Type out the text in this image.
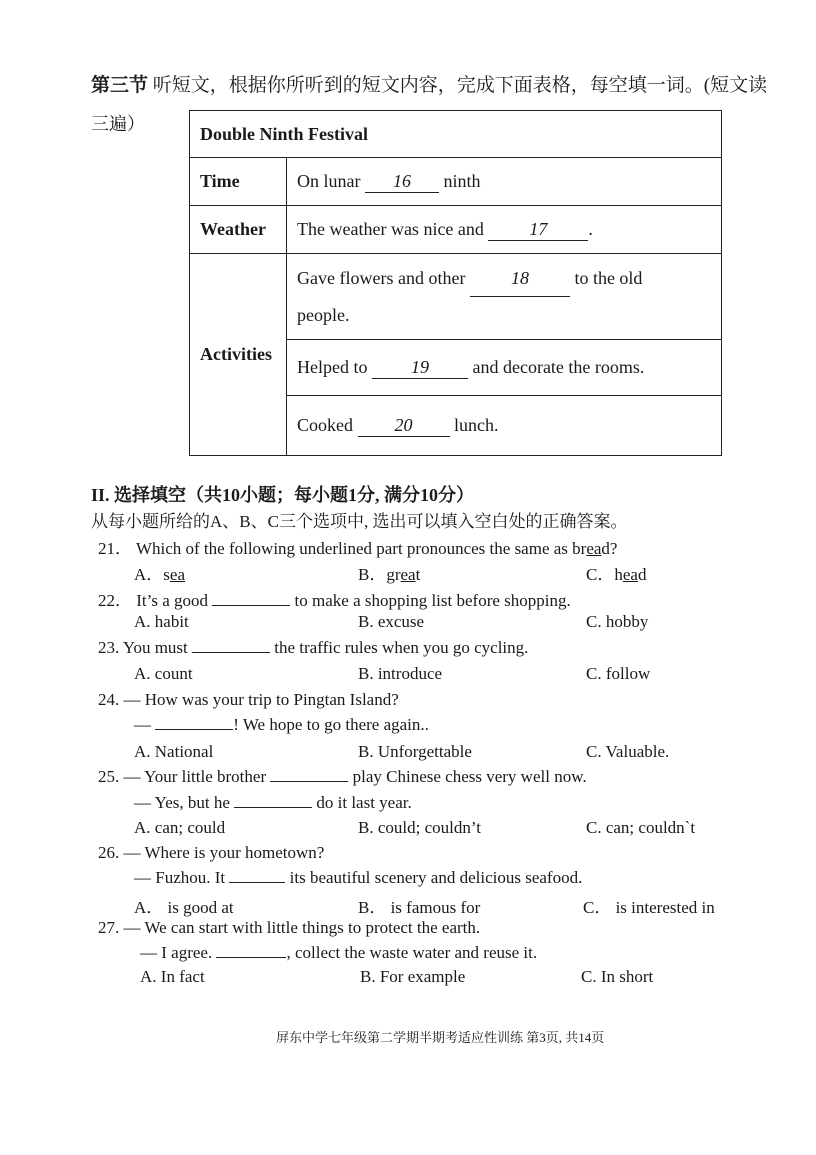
第三节 听短文，根据你所听到的短文内容，完成下面表格，每空填一词。(短文读
三遍）	Double Ninth Festival	
Time	On lunar 16 ninth
Weather	The weather was nice and 17 .
Activities	Gave flowers and other 18 to the old
people.
	Helped to 19 and decorate the rooms.
	Cooked 20 lunch.
II. 选择填空（共10小题；每小题1分, 满分10分）
从每小题所给的A、B、C三个选项中, 选出可以填入空白处的正确答案。
21． Which of the following underlined part pronounces the same as bread?
A．sea	B．great	C．head
22． It’s a good	to make a shopping list before shopping.
A. habit	B. excuse	C. hobby
23. You must	the traffic rules when you go cycling.
A. count	B. introduce	C. follow
24. — How was your trip to Pingtan Island?
—	! We hope to go there again..
A. National	B. Unforgettable	C. Valuable.
25. — Your little brother	play Chinese chess very well now.
— Yes, but he	do it last year.
A. can; could	B. could; couldn’t	C. can; couldn`t
26. — Where is your hometown?
— Fuzhou. It	its beautiful scenery and delicious seafood.
A． is good at	B． is famous for	C． is interested in
27. — We can start with little things to protect the earth.
— I agree.	, collect the waste water and reuse it.
A. In fact	B. For example	C. In short
屏东中学七年级第二学期半期考适应性训练 第3页, 共14页
